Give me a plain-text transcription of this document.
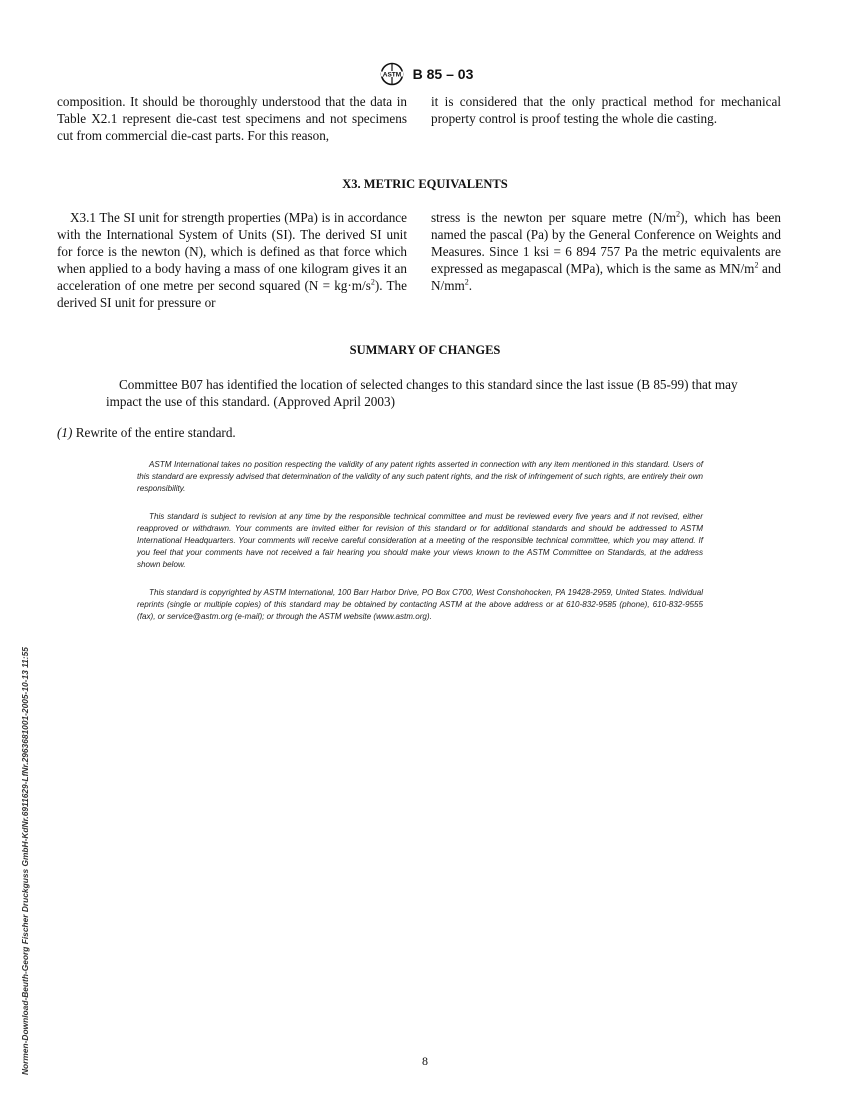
ASTM B 85 – 03

composition. It should be thoroughly understood that the data in Table X2.1 represent die-cast test specimens and not specimens cut from commercial die-cast parts. For this reason,

it is considered that the only practical method for mechanical property control is proof testing the whole die casting.

X3. METRIC EQUIVALENTS

X3.1 The SI unit for strength properties (MPa) is in accordance with the International System of Units (SI). The derived SI unit for force is the newton (N), which is defined as that force which when applied to a body having a mass of one kilogram gives it an acceleration of one metre per second squared $(N = kg\cdot m/s^2)$. The derived SI unit for pressure or

stress is the newton per square metre $(N/m^2)$, which has been named the pascal (Pa) by the General Conference on Weights and Measures. Since 1 ksi = 6 894 757 Pa the metric equivalents are expressed as megapascal (MPa), which is the same as $MN/m^2$ and $N/mm^2$.

SUMMARY OF CHANGES
Committee B07 has identified the location of selected changes to this standard since the last issue (B 85-99) that may impact the use of this standard. (Approved April 2003)
(1) Rewrite of the entire standard.

ASTM International takes no position respecting the validity of any patent rights asserted in connection with any item mentioned in this standard. Users of this standard are expressly advised that determination of the validity of any such patent rights, and the risk of infringement of such rights, are entirely their own responsibility.

This standard is subject to revision at any time by the responsible technical committee and must be reviewed every five years and if not revised, either reapproved or withdrawn. Your comments are invited either for revision of this standard or for additional standards and should be addressed to ASTM International Headquarters. Your comments will receive careful consideration at a meeting of the responsible technical committee, which you may attend. If you feel that your comments have not received a fair hearing you should make your views known to the ASTM Committee on Standards, at the address shown below.

This standard is copyrighted by ASTM International, 100 Barr Harbor Drive, PO Box C700, West Conshohocken, PA 19428-2959, United States. Individual reprints (single or multiple copies) of this standard may be obtained by contacting ASTM at the above address or at 610-832-9585 (phone), 610-832-9555 (fax), or service@astm.org (e-mail); or through the ASTM website (www.astm.org).

Normen-Download-Beuth-Georg Fischer Druckguss GmbH-KdNr.6911629-LfNr.2963681001-2005-10-13 11:55	8
